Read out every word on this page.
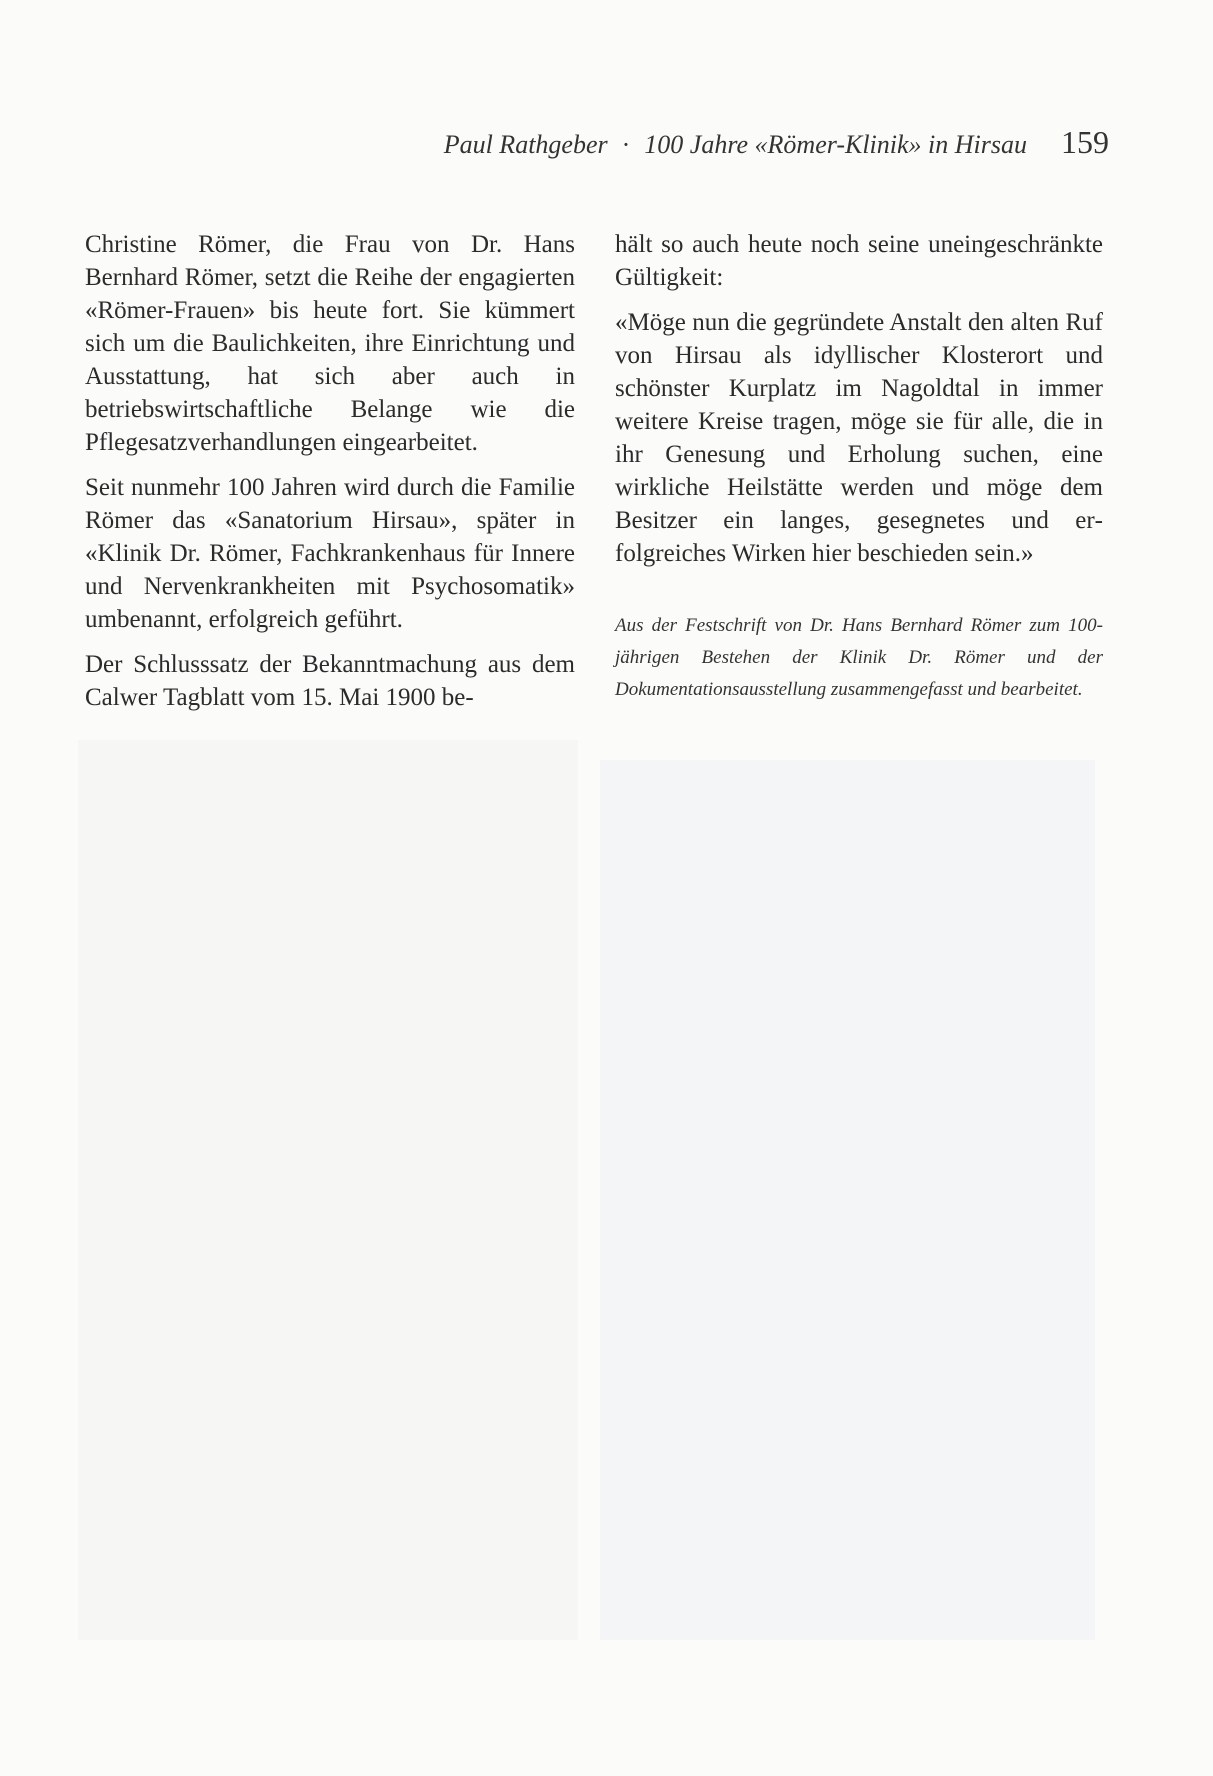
Paul Rathgeber · 100 Jahre «Römer-Klinik» in Hirsau 159

Christine Römer, die Frau von Dr. Hans Bernhard Römer, setzt die Reihe der engagierten «Römer-Frauen» bis heute fort. Sie kümmert sich um die Baulichkeiten, ihre Einrichtung und Ausstattung, hat sich aber auch in betriebswirtschaftliche Belange wie die Pflegesatzverhandlungen eingearbeitet.

Seit nunmehr 100 Jahren wird durch die Familie Römer das «Sanatorium Hirsau», später in «Klinik Dr. Römer, Fachkrankenhaus für Innere und Nervenkrankheiten mit Psychosomatik» umbenannt, erfolgreich geführt.

Der Schlusssatz der Bekanntmachung aus dem Calwer Tagblatt vom 15. Mai 1900 be-

hält so auch heute noch seine uneingeschränkte Gültigkeit:

«Möge nun die gegründete Anstalt den alten Ruf von Hirsau als idyllischer Klosterort und schönster Kurplatz im Nagoldtal in immer weitere Kreise tragen, möge sie für alle, die in ihr Genesung und Erholung suchen, eine wirkliche Heilstätte werden und möge dem Besitzer ein langes, gesegnetes und erfolgreiches Wirken hier beschieden sein.»

Aus der Festschrift von Dr. Hans Bernhard Römer zum 100-jährigen Bestehen der Klinik Dr. Römer und der Dokumentationsausstellung zusammengefasst und bearbeitet.
